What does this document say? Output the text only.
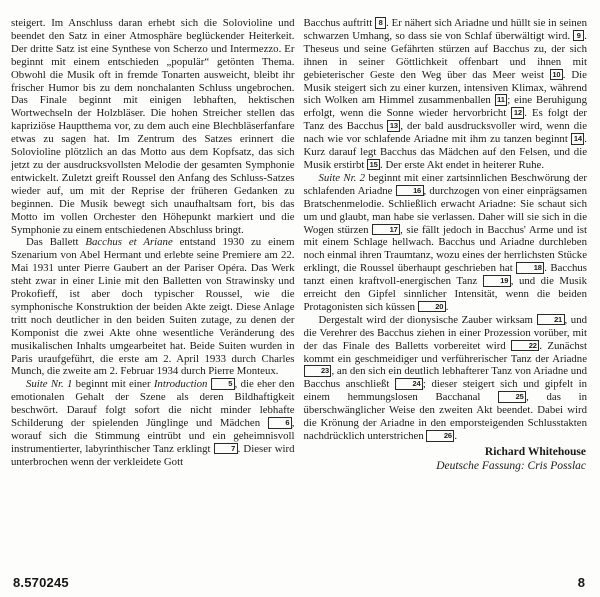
steigert. Im Anschluss daran erhebt sich die Solovioline und beendet den Satz in einer Atmosphäre beglückender Heiterkeit. Der dritte Satz ist eine Synthese von Scherzo und Intermezzo. Er beginnt mit einem entschieden „populär“ getönten Thema. Obwohl die Musik oft in fremde Tonarten ausweicht, bleibt ihr frischer Humor bis zu dem nonchalanten Schluss ungebrochen. Das Finale beginnt mit einigen lebhaften, hektischen Wortwechseln der Holzbläser. Die hohen Streicher stellen das kapriziöse Hauptthema vor, zu dem auch eine Blechbläserfanfare etwas zu sagen hat. Im Zentrum des Satzes erinnert die Solovioline plötzlich an das Motto aus dem Kopfsatz, das sich jetzt zu der ausdrucksvollsten Melodie der gesamten Symphonie entwickelt. Zuletzt greift Roussel den Anfang des Schluss-Satzes wieder auf, um mit der Reprise der früheren Gedanken zu beginnen. Die Musik bewegt sich unaufhaltsam fort, bis das Motto im vollen Orchester den Höhepunkt markiert und die Symphonie zu einem entschiedenen Abschluss bringt.

Das Ballett Bacchus et Ariane entstand 1930 zu einem Szenarium von Abel Hermant und erlebte seine Premiere am 22. Mai 1931 unter Pierre Gaubert an der Pariser Opéra. Das Werk steht zwar in einer Linie mit den Balletten von Strawinsky und Prokofieff, ist aber doch typischer Roussel, wie die symphonische Konstruktion der beiden Akte zeigt. Diese Anlage tritt noch deutlicher in den beiden Suiten zutage, zu denen der Komponist die zwei Akte ohne wesentliche Veränderung des musikalischen Inhalts umgearbeitet hat. Beide Suiten wurden in Paris uraufgeführt, die erste am 2. April 1933 durch Charles Munch, die zweite am 2. Februar 1934 durch Pierre Monteux.

Suite Nr. 1 beginnt mit einer Introduction	5 , die eher den emotionalen Gehalt der Szene als deren Bildhaftigkeit beschwört. Darauf folgt sofort die nicht minder lebhafte Schilderung der spielenden Jünglinge und Mädchen 6 , worauf sich die Stimmung eintrübt und ein geheimnisvoll instrumentierter, labyrinthischer Tanz erklingt 7 . Dieser wird unterbrochen wenn der verkleidete Gott

Bacchus auftritt 8 . Er nähert sich Ariadne und hüllt sie in seinen schwarzen Umhang, so dass sie von Schlaf überwältigt wird. 9 . Theseus und seine Gefährten stürzen auf Bacchus zu, der sich ihnen in seiner Göttlichkeit offenbart und ihnen mit gebieterischer Geste den Weg über das Meer weist 10 . Die Musik steigert sich zu einer kurzen, intensiven Klimax, während sich Wolken am Himmel zusammenballen 11 ; eine Beruhigung erfolgt, wenn die Sonne wieder hervorbricht 12 . Es folgt der Tanz des Bacchus 13 , der bald ausdrucksvoller wird, wenn die nach wie vor schlafende Ariadne mit ihm zu tanzen beginnt 14 . Kurz darauf legt Bacchus das Mädchen auf den Felsen, und die Musik erstirbt 15 . Der erste Akt endet in heiterer Ruhe.

Suite Nr. 2 beginnt mit einer zartsinnlichen Beschwörung der schlafenden Ariadne 16 , durchzogen von einer einprägsamen Bratschenmelodie. Schließlich erwacht Ariadne: Sie schaut sich um und glaubt, man habe sie verlassen. Daher will sie sich in die Wogen stürzen 17 , sie fällt jedoch in Bacchus' Arme und ist mit einem Schlage hellwach. Bacchus und Ariadne durchleben noch einmal ihren Traumtanz, wozu eines der herrlichsten Stücke erklingt, die Roussel überhaupt geschrieben hat 18 . Bacchus tanzt einen kraftvoll-energischen Tanz 19 , und die Musik erreicht den Gipfel sinnlicher Intensität, wenn die beiden Protagonisten sich küssen 20 .

Dergestalt wird der dionysische Zauber wirksam 21 , und die Verehrer des Bacchus ziehen in einer Prozession vorüber, mit der das Finale des Balletts vorbereitet wird 22 . Zunächst kommt ein geschmeidiger und verführerischer Tanz der Ariadne 23 , an den sich ein deutlich lebhafterer Tanz von Ariadne und Bacchus anschließt 24 ; dieser steigert sich und gipfelt in einem hemmungslosen Bacchanal 25 , das in überschwänglicher Weise den zweiten Akt beendet. Dabei wird die Krönung der Ariadne in den emporsteigenden Schlusstakten nachdrücklich unterstrichen 26 .

Richard Whitehouse
Deutsche Fassung: Cris Posslac
8.570245	8
